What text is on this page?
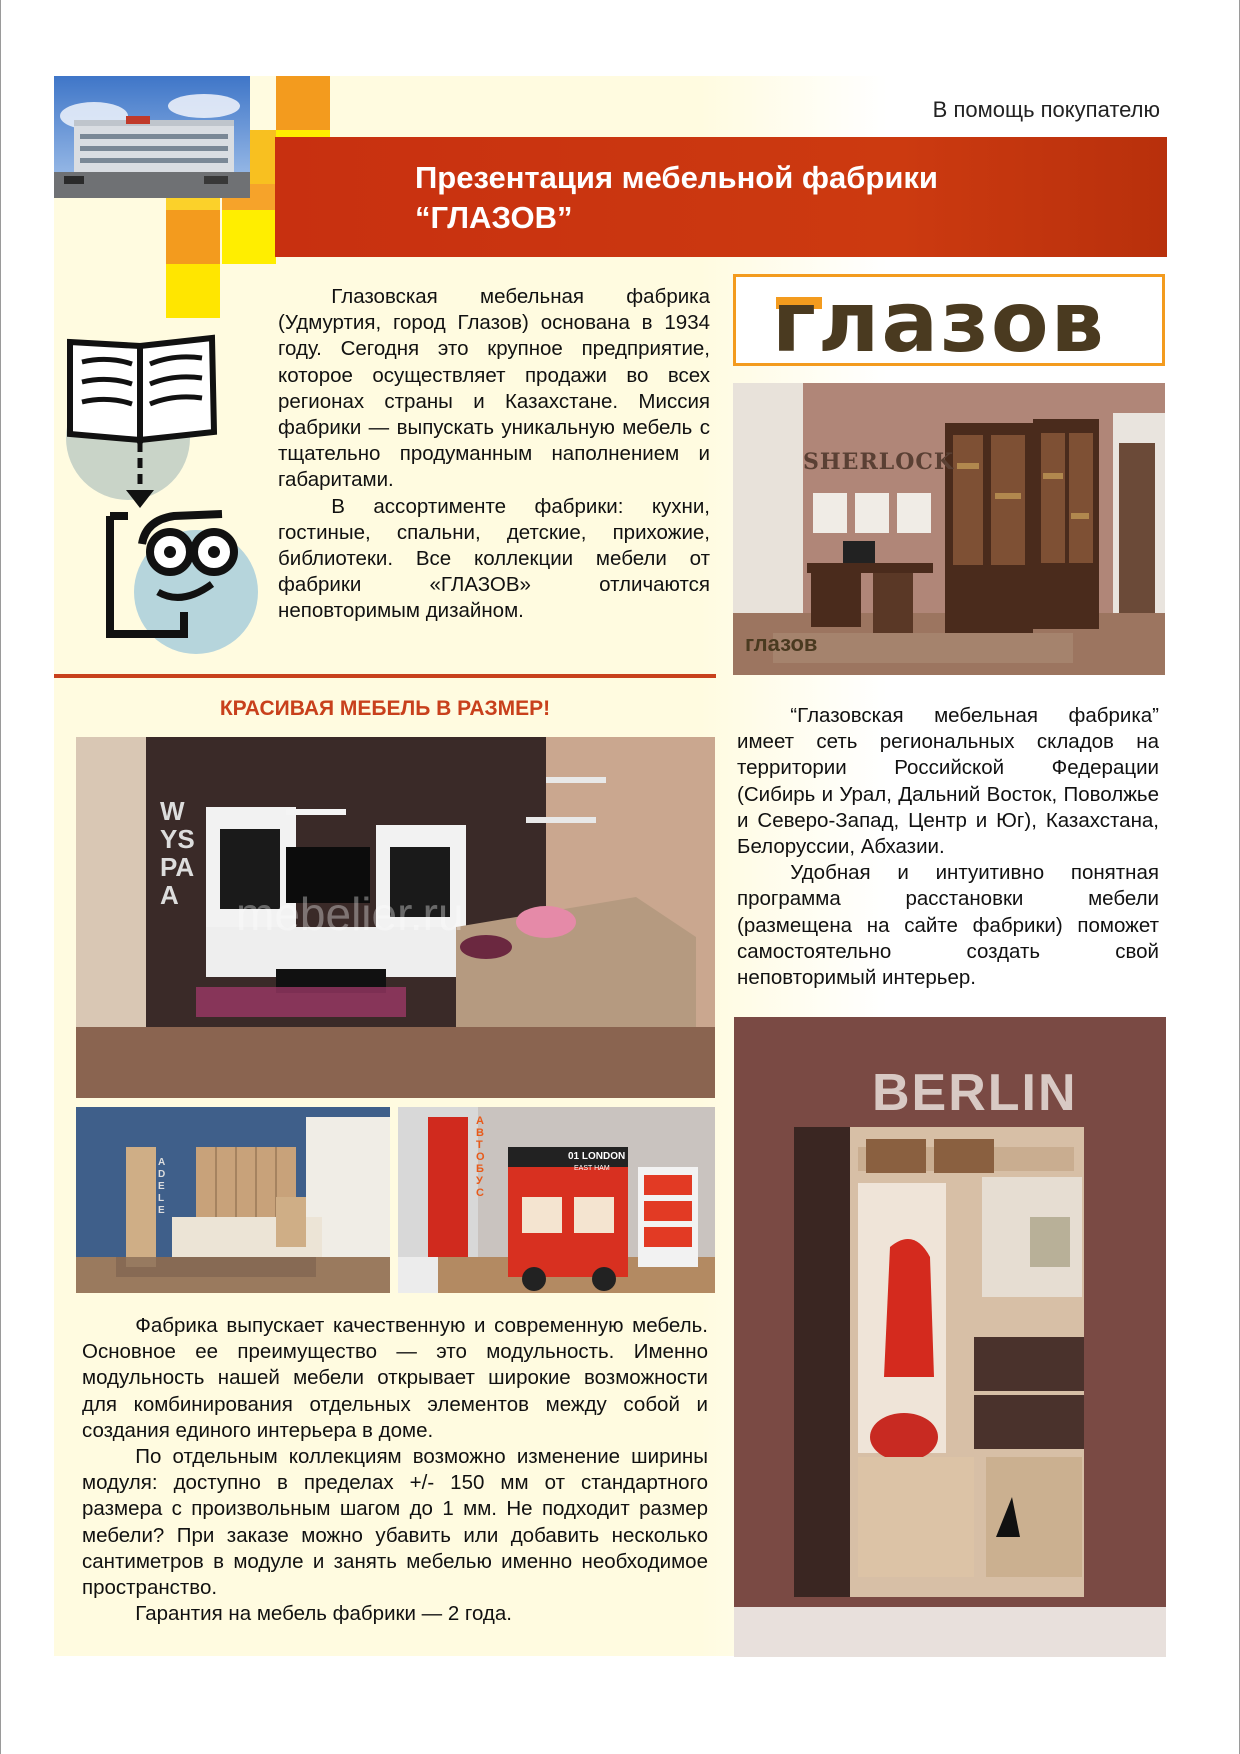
В помощь покупателю
Презентация мебельной фабрики
“ГЛАЗОВ”

Глазовская мебельная фабрика (Удмуртия, город Глазов) основана в 1934 году. Сегодня это крупное предприятие, которое осуществляет продажи во всех регионах страны и Казахстане. Миссия фабрики — выпускать уникальную мебель с тщательно продуманным наполнением и габаритами.

В ассортименте фабрики: кухни, гостиные, спальни, детские, прихожие, библиотеки. Все коллекции мебели от фабрики «ГЛАЗОВ» отличаются неповторимым дизайном.

глазов
SHERLOCK
глазов
КРАСИВАЯ МЕБЕЛЬ В РАЗМЕР!
WYSPAA	mebelier.ru
ADELE
АВТОБУС
01 LONDON
EAST HAM

“Глазовская мебельная фабрика” имеет сеть региональных складов на территории Российской Федерации (Сибирь и Урал, Дальний Восток, Поволжье и Северо-Запад, Центр и Юг), Казахстана, Белоруссии, Абхазии.

Удобная и интуитивно понятная программа расстановки мебели (размещена на сайте фабрики) поможет самостоятельно создать свой неповторимый интерьер.

BERLIN

Фабрика выпускает качественную и современную мебель. Основное ее преимущество — это модульность. Именно модульность нашей мебели открывает широкие возможности для комбинирования отдельных элементов между собой и создания единого интерьера в доме.

По отдельным коллекциям возможно изменение ширины модуля: доступно в пределах +/- 150 мм от стандартного размера с произвольным шагом до 1 мм. Не подходит размер мебели? При заказе можно убавить или добавить несколько сантиметров в модуле и занять мебелью именно необходимое пространство.

Гарантия на мебель фабрики — 2 года.
